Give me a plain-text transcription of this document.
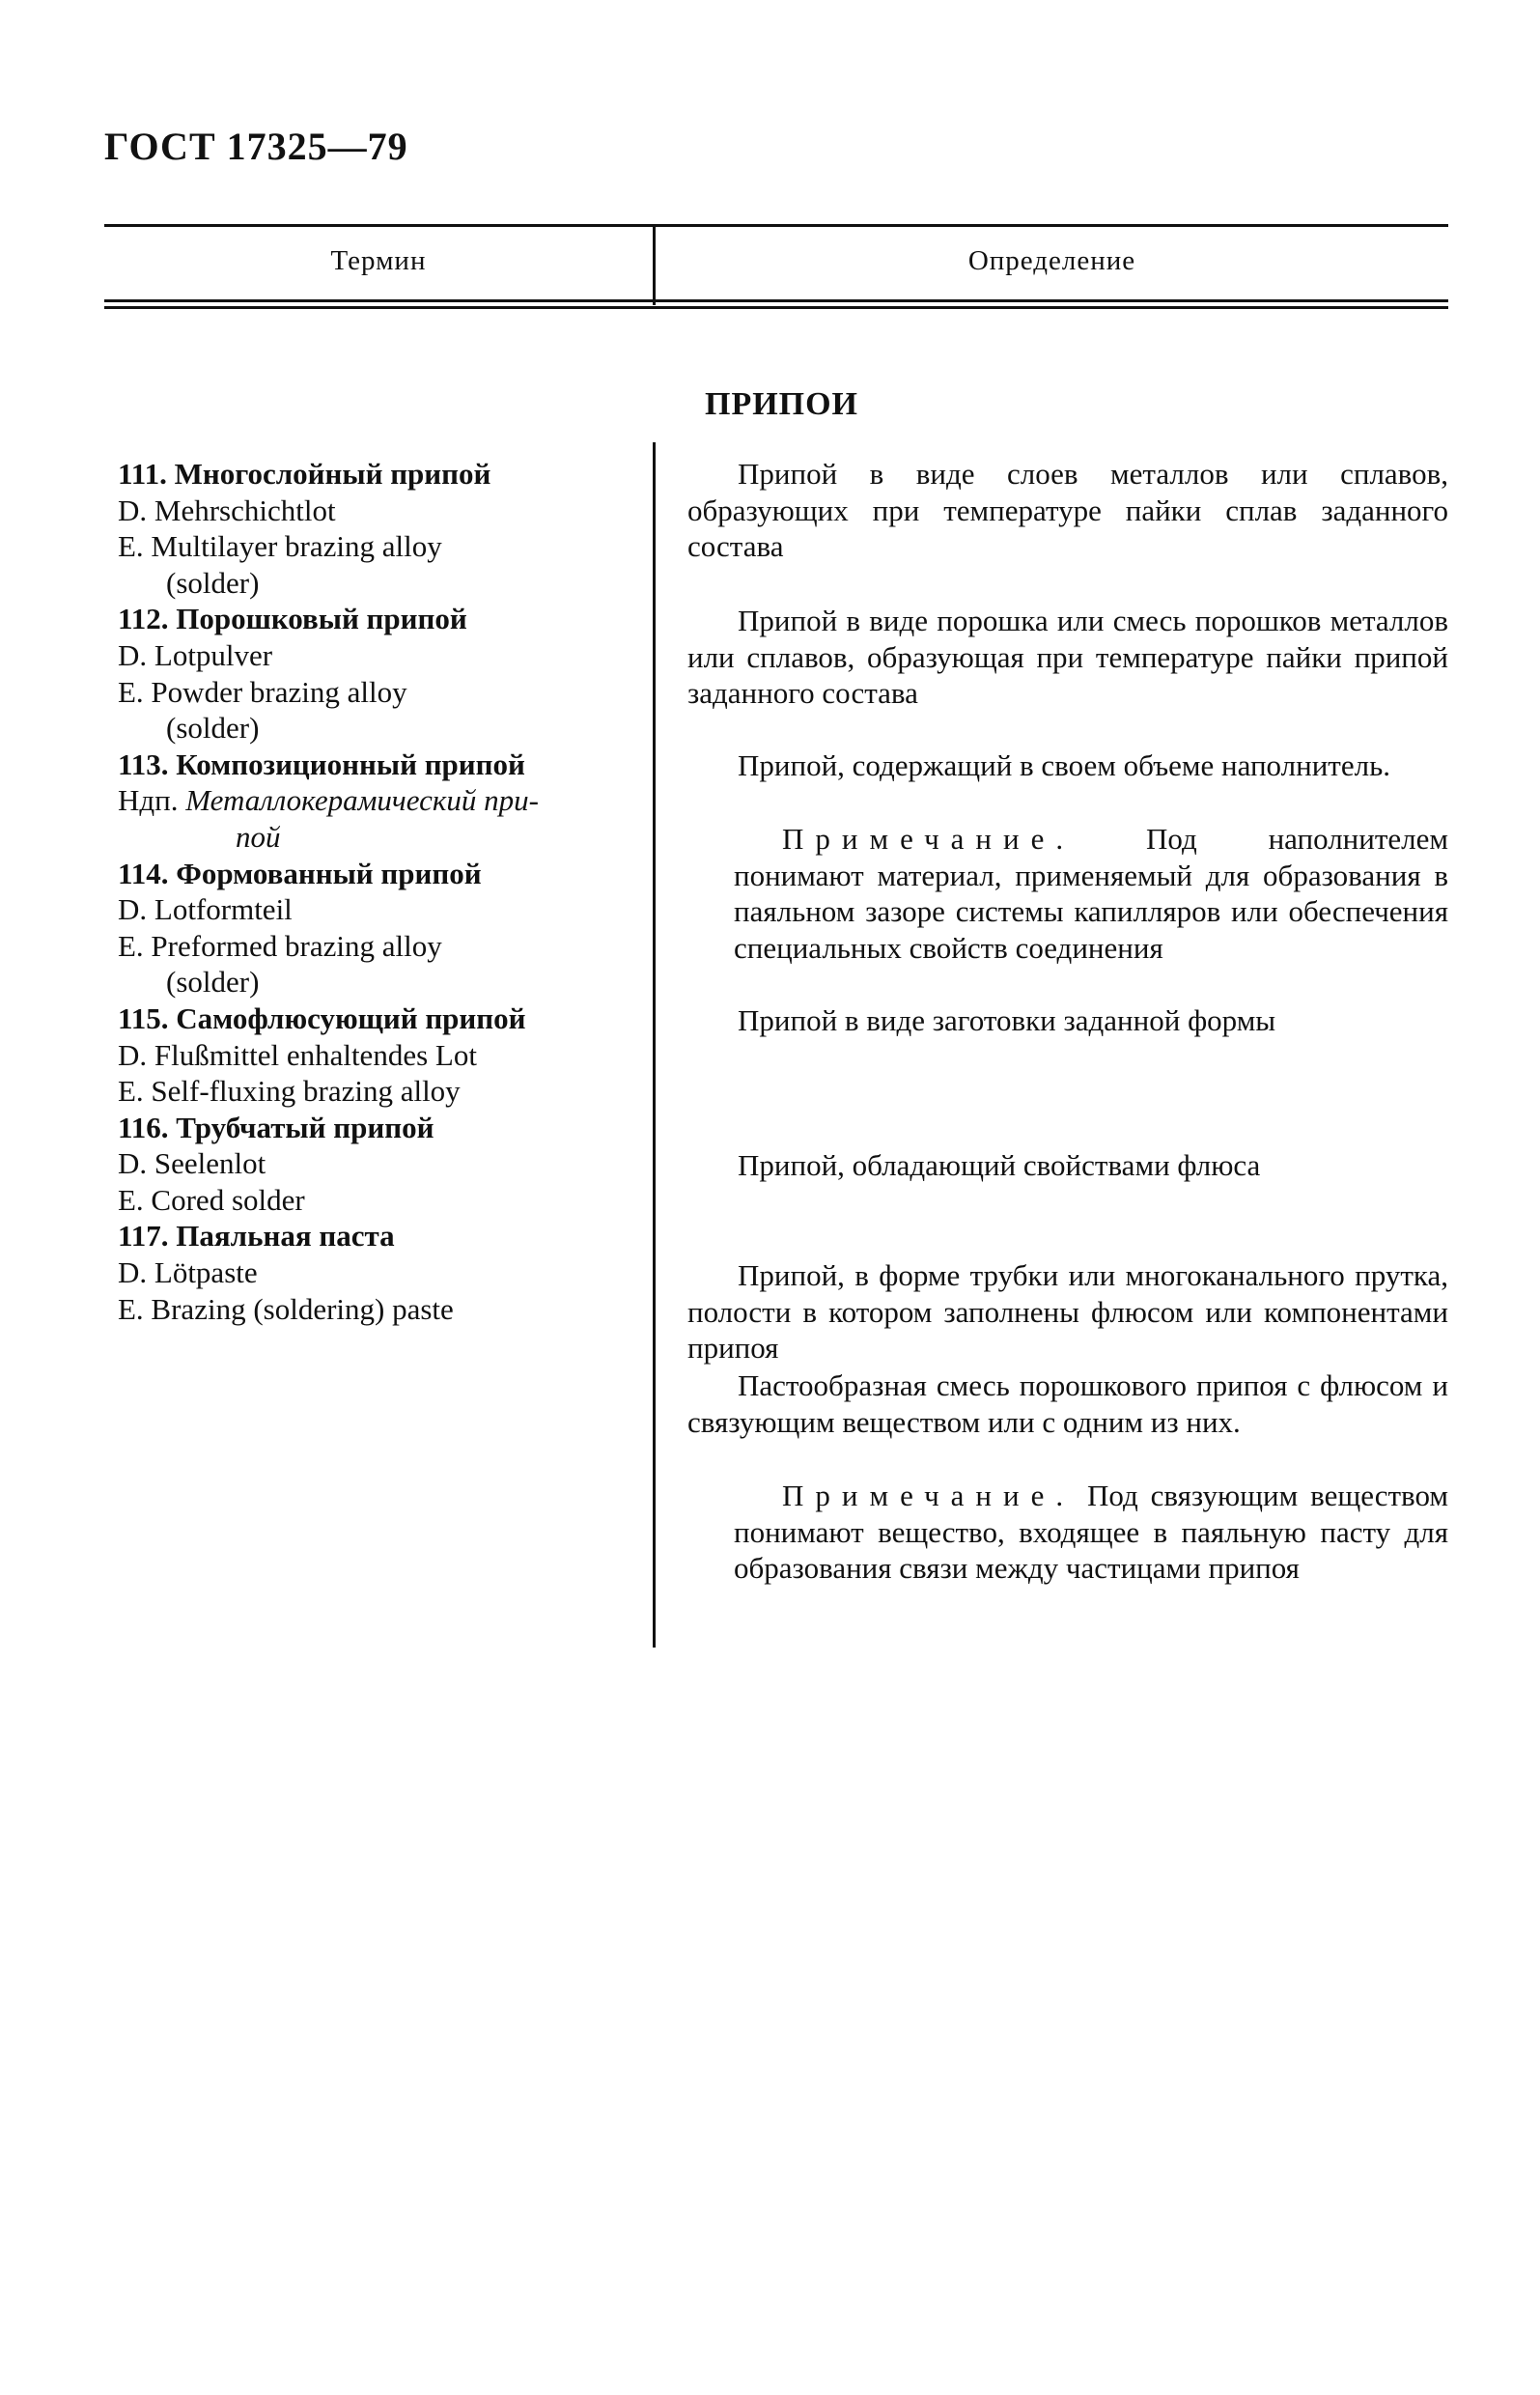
ГОСТ 17325—79
Термин	Определение
ПРИПОИ
111. Многослойный припой
D. Mehrschichtlot
E. Multilayer brazing alloy
(solder)
112. Порошковый припой
D. Lotpulver
E. Powder brazing alloy
(solder)
113. Композиционный припой
Ндп. Металлокерамический при-
пой
114. Формованный припой
D. Lotformteil
E. Preformed brazing alloy
(solder)
115. Самофлюсующий припой
D. Flußmittel enhaltendes Lot
E. Self-fluxing brazing alloy
116. Трубчатый припой
D. Seelenlot
E. Cored solder
117. Паяльная паста
D. Lötpaste
E. Brazing (soldering) paste

Припой в виде слоев металлов или сплавов, образующих при температуре пайки сплав заданного состава

Припой в виде порошка или смесь порошков металлов или сплавов, образующая при температуре пайки припой заданного состава

Припой, содержащий в своем объеме наполнитель.

Примечание. Под наполнителем понимают материал, применяемый для образования в паяльном зазоре системы капилляров или обеспечения специальных свойств соединения

Припой в виде заготовки заданной формы

Припой, обладающий свойствами флюса

Припой, в форме трубки или многоканального прутка, полости в котором заполнены флюсом или компонентами припоя

Пастообразная смесь порошкового припоя с флюсом и связующим веществом или с одним из них.

Примечание. Под связующим веществом понимают вещество, входящее в паяльную пасту для образования связи между частицами припоя
